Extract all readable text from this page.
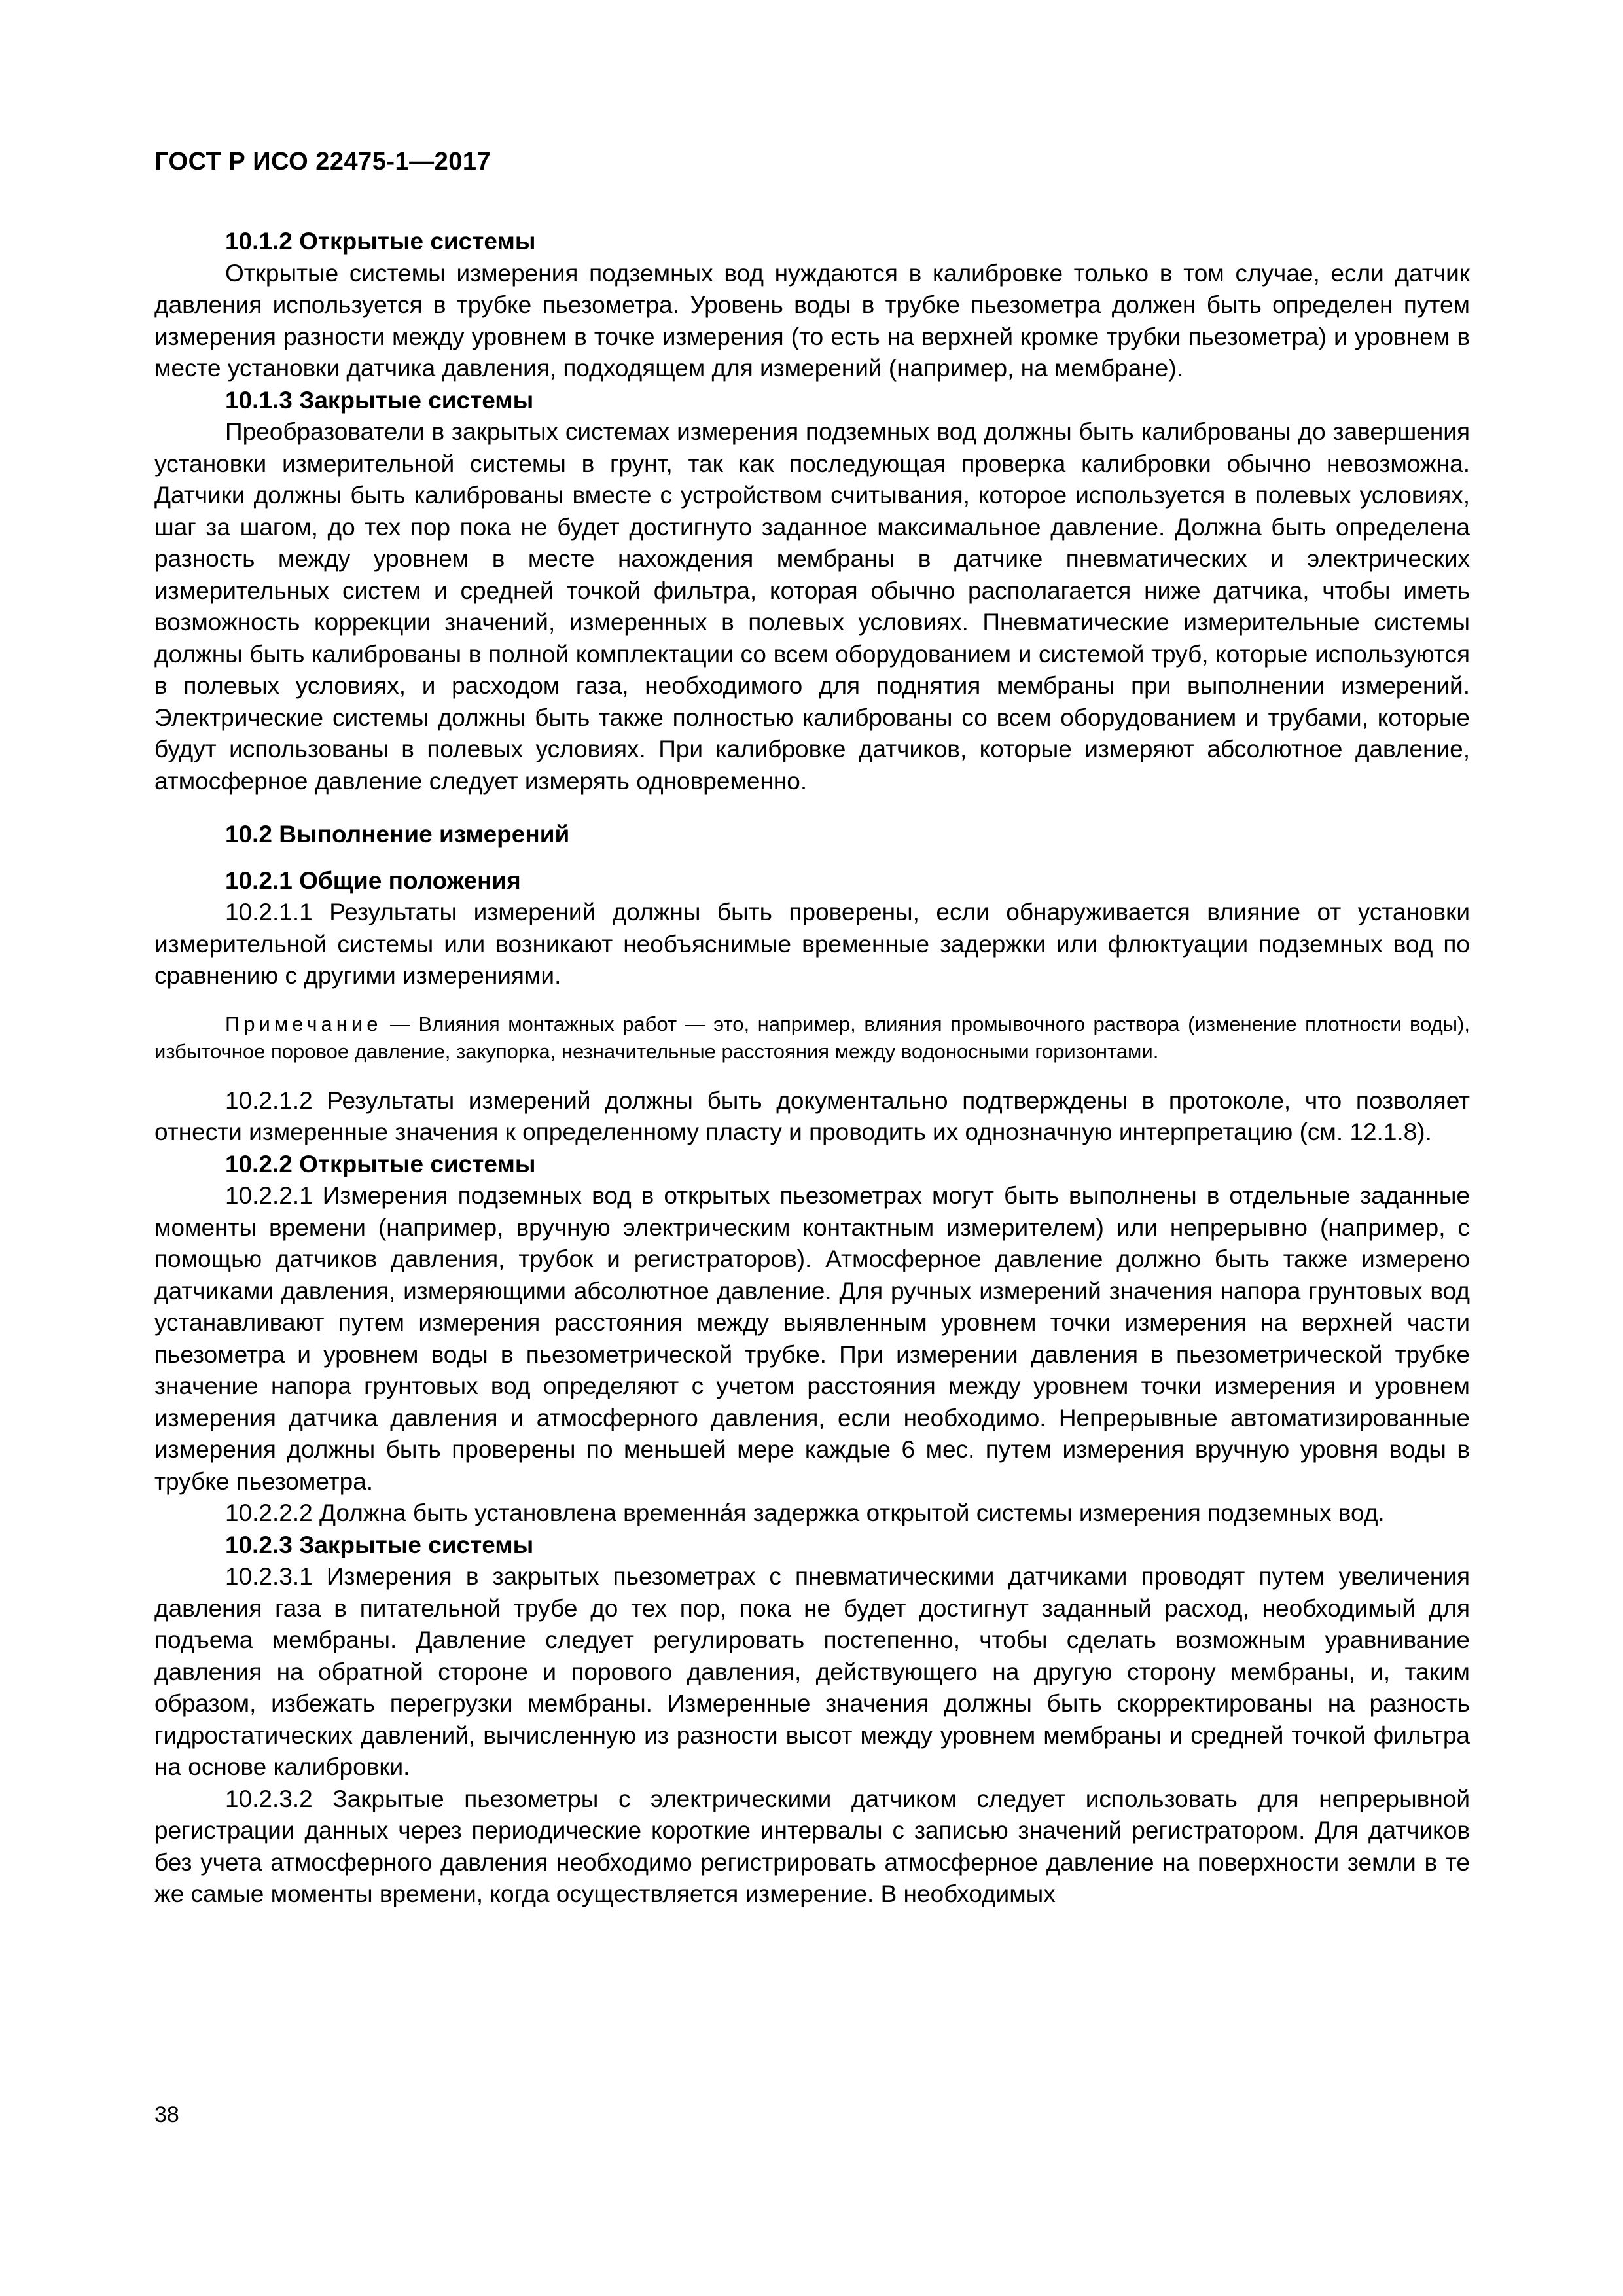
ГОСТ Р ИСО 22475-1—2017

10.1.2 Открытые системы

Открытые системы измерения подземных вод нуждаются в калибровке только в том случае, если датчик давления используется в трубке пьезометра. Уровень воды в трубке пьезометра должен быть определен путем измерения разности между уровнем в точке измерения (то есть на верхней кромке трубки пьезометра) и уровнем в месте установки датчика давления, подходящем для измерений (например, на мембране).

10.1.3 Закрытые системы

Преобразователи в закрытых системах измерения подземных вод должны быть калиброваны до завершения установки измерительной системы в грунт, так как последующая проверка калибровки обычно невозможна. Датчики должны быть калиброваны вместе с устройством считывания, которое используется в полевых условиях, шаг за шагом, до тех пор пока не будет достигнуто заданное максимальное давление. Должна быть определена разность между уровнем в месте нахождения мембраны в датчике пневматических и электрических измерительных систем и средней точкой фильтра, которая обычно располагается ниже датчика, чтобы иметь возможность коррекции значений, измеренных в полевых условиях. Пневматические измерительные системы должны быть калиброваны в полной комплектации со всем оборудованием и системой труб, которые используются в полевых условиях, и расходом газа, необходимого для поднятия мембраны при выполнении измерений. Электрические системы должны быть также полностью калиброваны со всем оборудованием и трубами, которые будут использованы в полевых условиях. При калибровке датчиков, которые измеряют абсолютное давление, атмосферное давление следует измерять одновременно.

10.2 Выполнение измерений

10.2.1 Общие положения

10.2.1.1 Результаты измерений должны быть проверены, если обнаруживается влияние от установки измерительной системы или возникают необъяснимые временные задержки или флюктуации подземных вод по сравнению с другими измерениями.

Примечание — Влияния монтажных работ — это, например, влияния промывочного раствора (изменение плотности воды), избыточное поровое давление, закупорка, незначительные расстояния между водоносными горизонтами.

10.2.1.2 Результаты измерений должны быть документально подтверждены в протоколе, что позволяет отнести измеренные значения к определенному пласту и проводить их однозначную интерпретацию (см. 12.1.8).

10.2.2 Открытые системы

10.2.2.1 Измерения подземных вод в открытых пьезометрах могут быть выполнены в отдельные заданные моменты времени (например, вручную электрическим контактным измерителем) или непрерывно (например, с помощью датчиков давления, трубок и регистраторов). Атмосферное давление должно быть также измерено датчиками давления, измеряющими абсолютное давление. Для ручных измерений значения напора грунтовых вод устанавливают путем измерения расстояния между выявленным уровнем точки измерения на верхней части пьезометра и уровнем воды в пьезометрической трубке. При измерении давления в пьезометрической трубке значение напора грунтовых вод определяют с учетом расстояния между уровнем точки измерения и уровнем измерения датчика давления и атмосферного давления, если необходимо. Непрерывные автоматизированные измерения должны быть проверены по меньшей мере каждые 6 мес. путем измерения вручную уровня воды в трубке пьезометра.

10.2.2.2 Должна быть установлена временна́я задержка открытой системы измерения подземных вод.

10.2.3 Закрытые системы

10.2.3.1 Измерения в закрытых пьезометрах с пневматическими датчиками проводят путем увеличения давления газа в питательной трубе до тех пор, пока не будет достигнут заданный расход, необходимый для подъема мембраны. Давление следует регулировать постепенно, чтобы сделать возможным уравнивание давления на обратной стороне и порового давления, действующего на другую сторону мембраны, и, таким образом, избежать перегрузки мембраны. Измеренные значения должны быть скорректированы на разность гидростатических давлений, вычисленную из разности высот между уровнем мембраны и средней точкой фильтра на основе калибровки.

10.2.3.2 Закрытые пьезометры с электрическими датчиком следует использовать для непрерывной регистрации данных через периодические короткие интервалы с записью значений регистратором. Для датчиков без учета атмосферного давления необходимо регистрировать атмосферное давление на поверхности земли в те же самые моменты времени, когда осуществляется измерение. В необходимых

38
